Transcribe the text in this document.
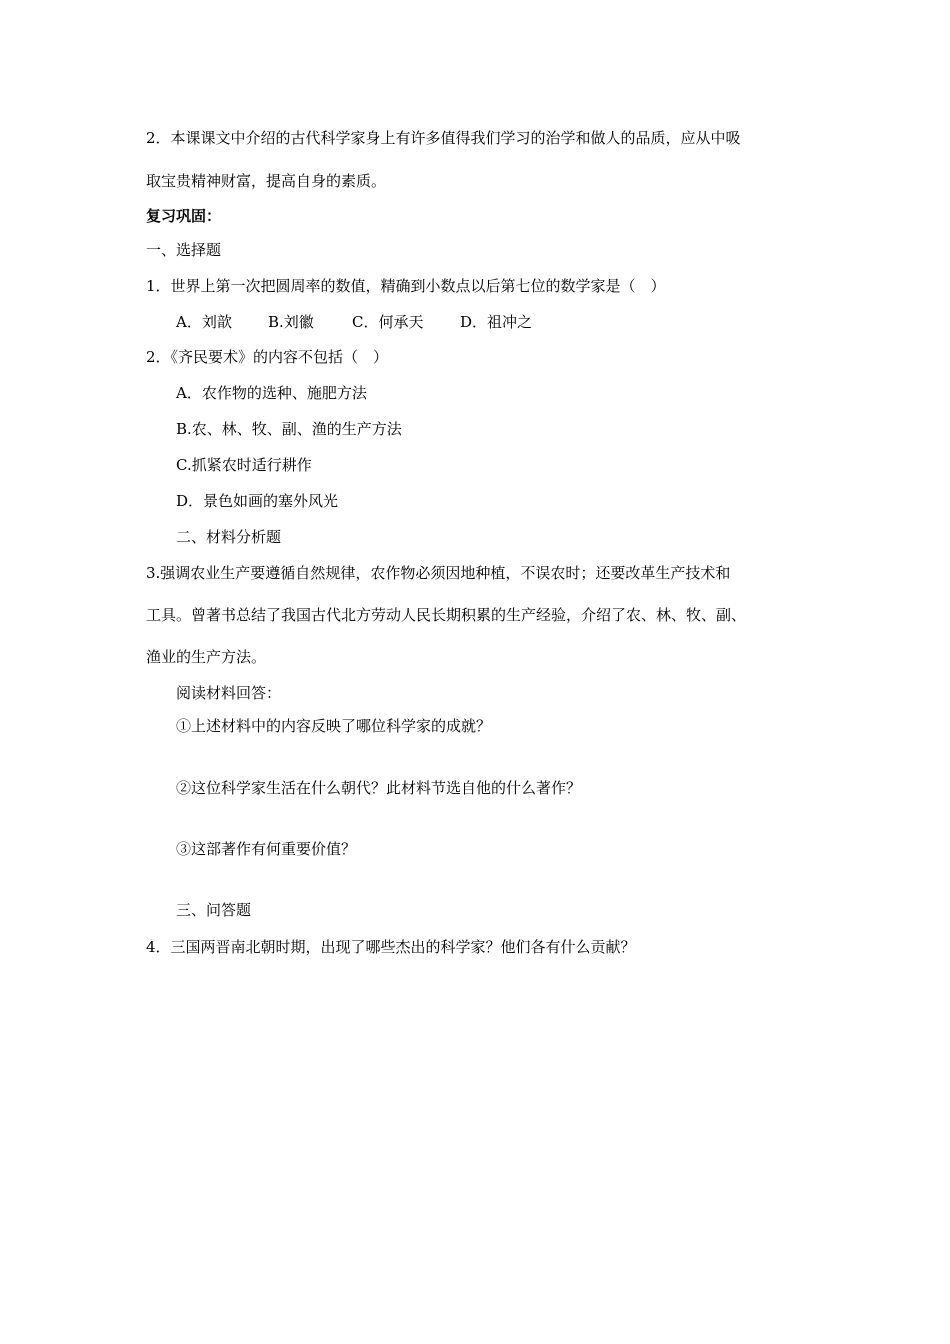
2．本课课文中介绍的古代科学家身上有许多值得我们学习的治学和做人的品质，应从中吸
取宝贵精神财富，提高自身的素质。
复习巩固：
一、选择题
1．世界上第一次把圆周率的数值，精确到小数点以后第七位的数学家是（　）
A．刘歆 B.刘徽	C．何承天 D．祖冲之
2．《齐民要术》的内容不包括（　）
A．农作物的选种、施肥方法
B.农、林、牧、副、渔的生产方法
C.抓紧农时适行耕作
D．景色如画的塞外风光
二、材料分析题
3.强调农业生产要遵循自然规律，农作物必须因地种植，不误农时；还要改革生产技术和
工具。曾著书总结了我国古代北方劳动人民长期积累的生产经验，介绍了农、林、牧、副、
渔业的生产方法。
阅读材料回答：
①上述材料中的内容反映了哪位科学家的成就？
②这位科学家生活在什么朝代？此材料节选自他的什么著作？
③这部著作有何重要价值？
三、问答题
4．三国两晋南北朝时期，出现了哪些杰出的科学家？他们各有什么贡献？
